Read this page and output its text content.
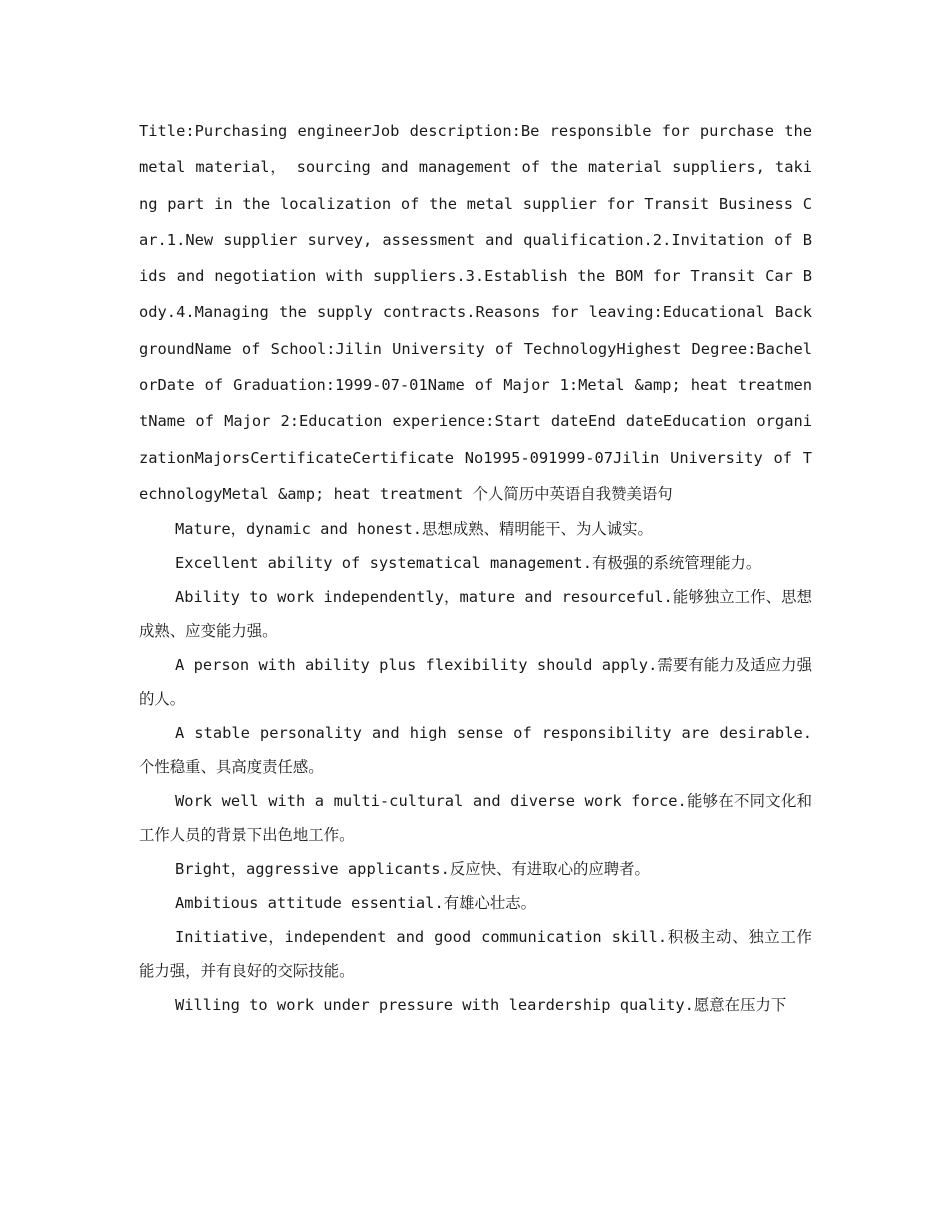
Title:Purchasing engineerJob description:Be responsible for purchase the metal material， sourcing and management of the material suppliers, taking part in the localization of the metal supplier for Transit Business Car.1.New supplier survey, assessment and qualification.2.Invitation of Bids and negotiation with suppliers.3.Establish the BOM for Transit Car Body.4.Managing the supply contracts.Reasons for leaving:Educational BackgroundName of School:Jilin University of TechnologyHighest Degree:BachelorDate of Graduation:1999-07-01Name of Major 1:Metal &amp; heat treatmentName of Major 2:Education experience:Start dateEnd dateEducation organizationMajorsCertificateCertificate No1995-091999-07Jilin University of TechnologyMetal &amp; heat treatment 个人简历中英语自我赞美语句

Mature，dynamic and honest.思想成熟、精明能干、为人诚实。

Excellent ability of systematical management.有极强的系统管理能力。

Ability to work independently，mature and resourceful.能够独立工作、思想成熟、应变能力强。

A person with ability plus flexibility should apply.需要有能力及适应力强的人。

A stable personality and high sense of responsibility are desirable.个性稳重、具高度责任感。

Work well with a multi-cultural and diverse work force.能够在不同文化和工作人员的背景下出色地工作。

Bright，aggressive applicants.反应快、有进取心的应聘者。

Ambitious attitude essential.有雄心壮志。

Initiative，independent and good communication skill.积极主动、独立工作能力强，并有良好的交际技能。

Willing to work under pressure with leardership quality.愿意在压力下
